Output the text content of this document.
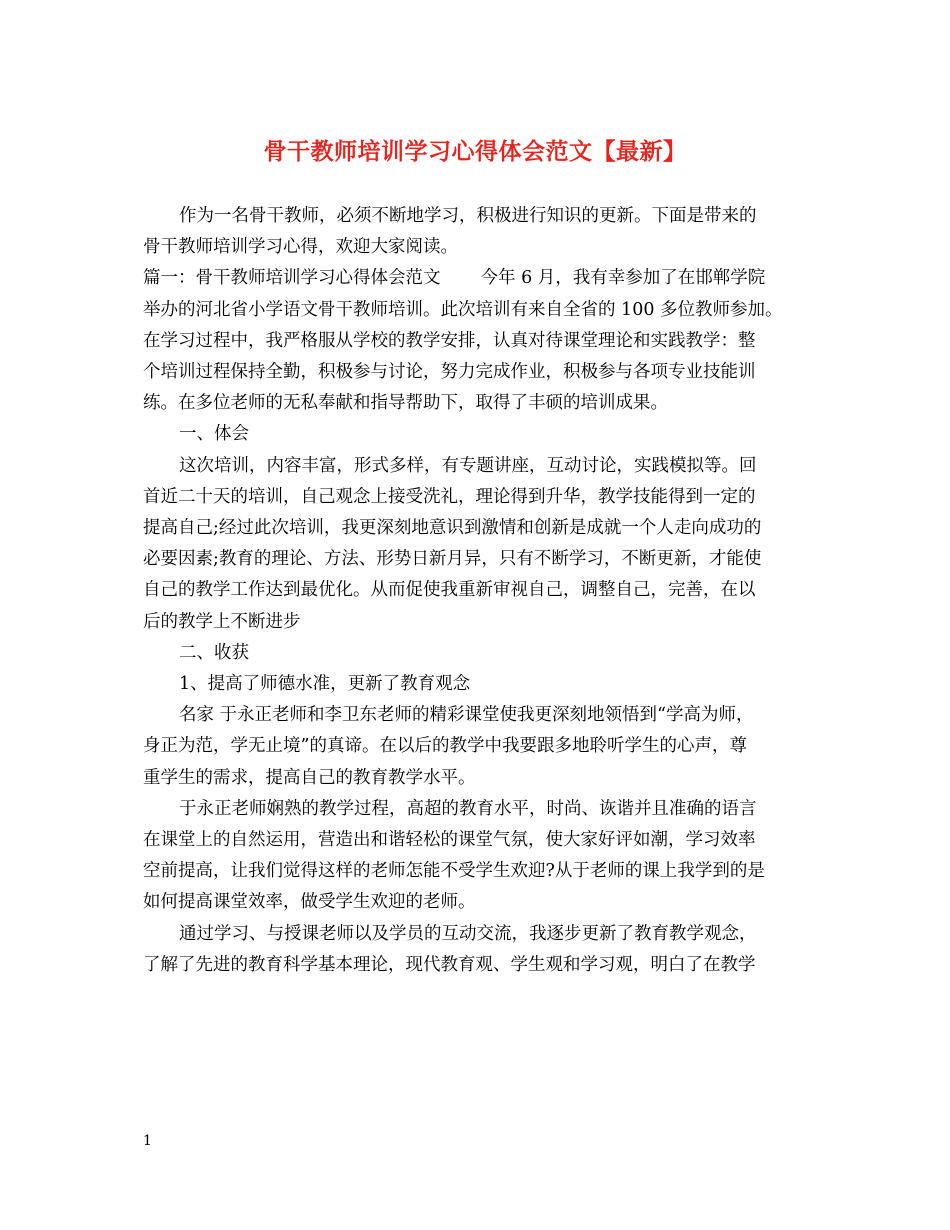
骨干教师培训学习心得体会范文【最新】

作为一名骨干教师，必须不断地学习，积极进行知识的更新。下面是带来的
骨干教师培训学习心得，欢迎大家阅读。

篇一：骨干教师培训学习心得体会范文 今年 6 月，我有幸参加了在邯郸学院
举办的河北省小学语文骨干教师培训。此次培训有来自全省的 100 多位教师参加。
在学习过程中，我严格服从学校的教学安排，认真对待课堂理论和实践教学：整
个培训过程保持全勤，积极参与讨论，努力完成作业，积极参与各项专业技能训
练。在多位老师的无私奉献和指导帮助下，取得了丰硕的培训成果。

一、体会

这次培训，内容丰富，形式多样，有专题讲座，互动讨论，实践模拟等。回
首近二十天的培训，自己观念上接受洗礼，理论得到升华，教学技能得到一定的
提高自己;经过此次培训，我更深刻地意识到激情和创新是成就一个人走向成功的
必要因素;教育的理论、方法、形势日新月异，只有不断学习，不断更新，才能使
自己的教学工作达到最优化。从而促使我重新审视自己，调整自己，完善，在以
后的教学上不断进步

二、收获

1、提高了师德水准，更新了教育观念

名家 于永正老师和李卫东老师的精彩课堂使我更深刻地领悟到“学高为师，
身正为范，学无止境”的真谛。在以后的教学中我要跟多地聆听学生的心声，尊
重学生的需求，提高自己的教育教学水平。

于永正老师娴熟的教学过程，高超的教育水平，时尚、诙谐并且准确的语言
在课堂上的自然运用，营造出和谐轻松的课堂气氛，使大家好评如潮，学习效率
空前提高，让我们觉得这样的老师怎能不受学生欢迎?从于老师的课上我学到的是
如何提高课堂效率，做受学生欢迎的老师。

通过学习、与授课老师以及学员的互动交流，我逐步更新了教育教学观念，
了解了先进的教育科学基本理论，现代教育观、学生观和学习观，明白了在教学

1
